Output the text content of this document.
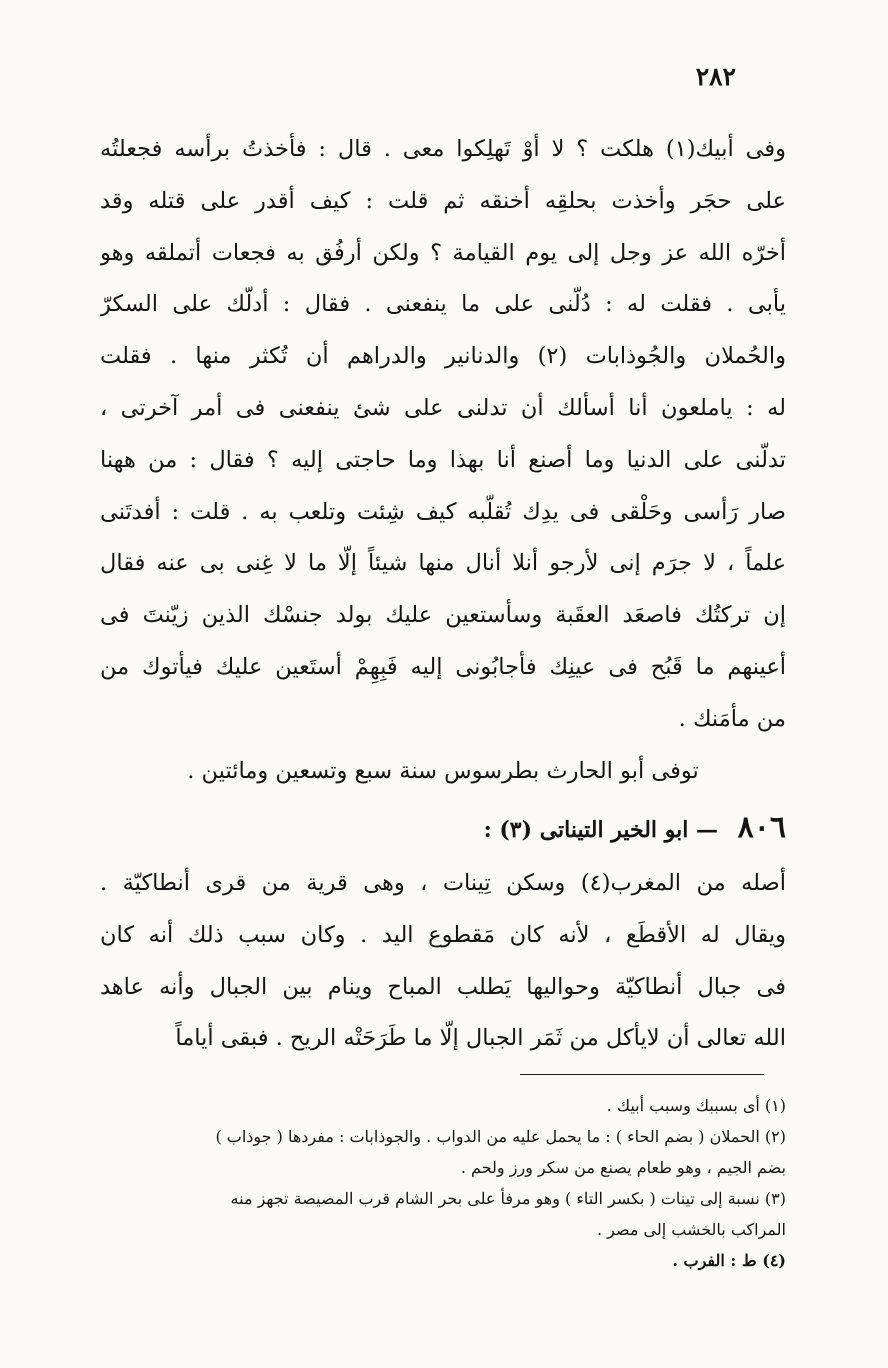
٢٨٢
وفى أبيك(١) هلكت ؟ لا أوْ تَهلِكوا معى . قال : فأخذتُ برأسه فجعلتُه
على حجَر وأخذت بحلقِه أخنقه ثم قلت : كيف أقدر على قتله وقد
أخرّه الله عز وجل إلى يوم القيامة ؟ ولكن أرفُق به فجعات أتملقه وهو
يأبى . فقلت له : دُلّنى على ما ينفعنى . فقال : أدلّك على السكرّ
والحُملان والجُوذابات (٢) والدنانير والدراهم أن تُكثر منها . فقلت
له : ياملعون أنا أسألك أن تدلنى على شئ ينفعنى فى أمر آخرتى ،
تدلّنى على الدنيا وما أصنع أنا بهذا وما حاجتى إليه ؟ فقال : من ههنا
صار رَأسى وحَلْقى فى يدِك تُقلّبه كيف شِئت وتلعب به . قلت : أفدتَنى
علماً ، لا جرَم إنى لأرجو أنلا أنال منها شيئاً إلّا ما لا غِنى بى عنه فقال
إن تركتُك فاصعَد العقَبة وسأستعين عليك بولد جنسْك الذين زيّنتَ فى
أعينهم ما قَبُح فى عينِك فأجابُونى إليه فَبِهِمْ أستَعين عليك فيأتوك من
من مأمَنك .
توفى أبو الحارث بطرسوس سنة سبع وتسعين ومائتين .
٨٠٦ — ابو الخير التيناتى (٣) :
أصله من المغرب(٤) وسكن تِينات ، وهى قرية من قرى أنطاكيّة .
ويقال له الأقطَع ، لأنه كان مَقطوع اليد . وكان سبب ذلك أنه كان
فى جبال أنطاكيّة وحواليها يَطلب المباح وينام بين الجبال وأنه عاهد
الله تعالى أن لايأكل من ثَمَر الجبال إلّا ما طَرَحَتْه الريح . فبقى أياماً
(١) أى بسببك وسبب أبيك .
(٢) الحملان ( بضم الحاء ) : ما يحمل عليه من الدواب . والجوذابات : مفردها ( جوذاب )
بضم الجيم ، وهو طعام يصنع من سكر ورز ولحم .
(٣) نسبة إلى تينات ( بكسر التاء ) وهو مرفأ على بحر الشام قرب المصيصة تجهز منه
المراكب بالخشب إلى مصر .
(٤) ط : الفرب .
